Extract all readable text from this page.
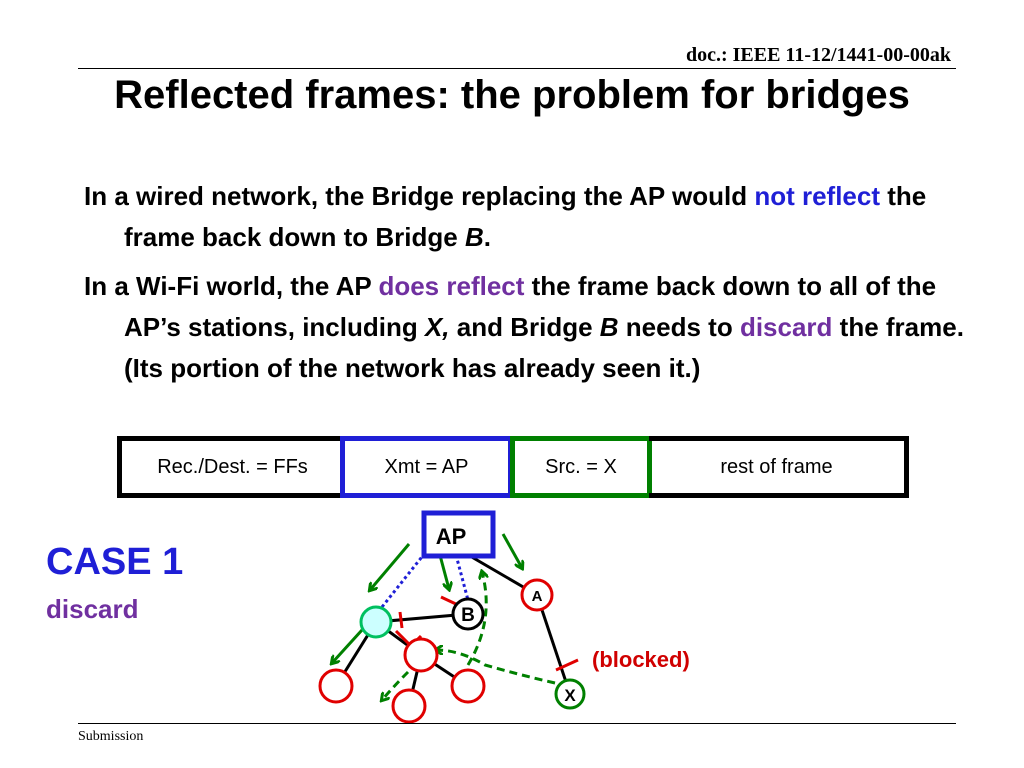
doc.: IEEE 11-12/1441-00-00ak
Reflected frames: the problem for bridges
In a wired network, the Bridge replacing the AP would not reflect the frame back down to Bridge B.
In a Wi-Fi world, the AP does reflect the frame back down to all of the AP’s stations, including X, and Bridge B needs to discard the frame. (Its portion of the network has already seen it.)
Rec./Dest. = FFs	Xmt = AP	Src. = X	rest of frame
CASE 1
discard
AP
A
B
X
(blocked)
Submission
